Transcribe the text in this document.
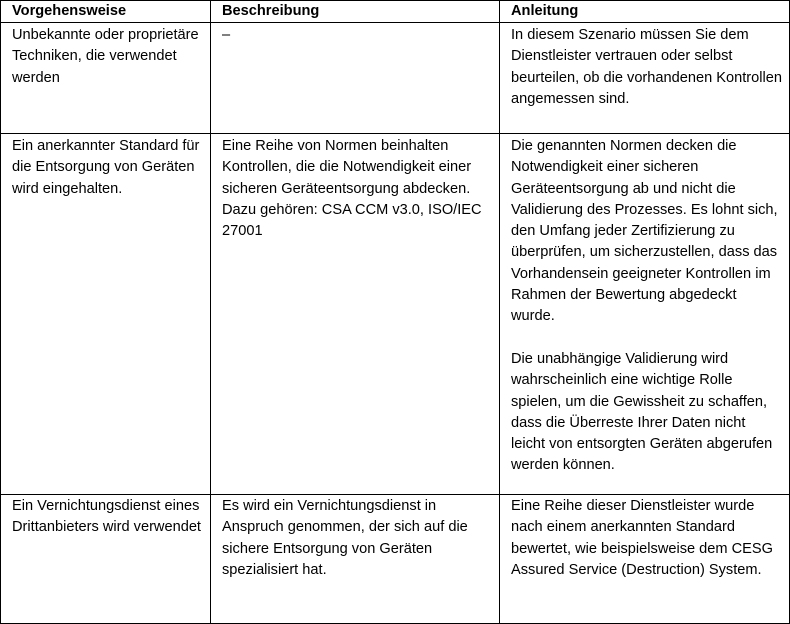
Vorgehensweise	Beschreibung	Anleitung
Unbekannte oder proprietäre Techniken, die verwendet werden	–	In diesem Szenario müssen Sie dem Dienstleister vertrauen oder selbst beurteilen, ob die vorhandenen Kontrollen angemessen sind.

Ein anerkannter Standard für die Entsorgung von Geräten wird eingehalten.	Eine Reihe von Normen beinhalten Kontrollen, die die Notwendigkeit einer sicheren Geräteentsorgung abdecken. Dazu gehören: CSA CCM v3.0, ISO/IEC 27001	Die genannten Normen decken die Notwendigkeit einer sicheren Geräteentsorgung ab und nicht die Validierung des Prozesses. Es lohnt sich, den Umfang jeder Zertifizierung zu überprüfen, um sicherzustellen, dass das Vorhandensein geeigneter Kontrollen im Rahmen der Bewertung abgedeckt wurde.
Die unabhängige Validierung wird wahrscheinlich eine wichtige Rolle spielen, um die Gewissheit zu schaffen, dass die Überreste Ihrer Daten nicht leicht von entsorgten Geräten abgerufen werden können.

Ein Vernichtungsdienst eines Drittanbieters wird verwendet	Es wird ein Vernichtungsdienst in Anspruch genommen, der sich auf die sichere Entsorgung von Geräten spezialisiert hat.	Eine Reihe dieser Dienstleister wurde nach einem anerkannten Standard bewertet, wie beispielsweise dem CESG Assured Service (Destruction) System.
